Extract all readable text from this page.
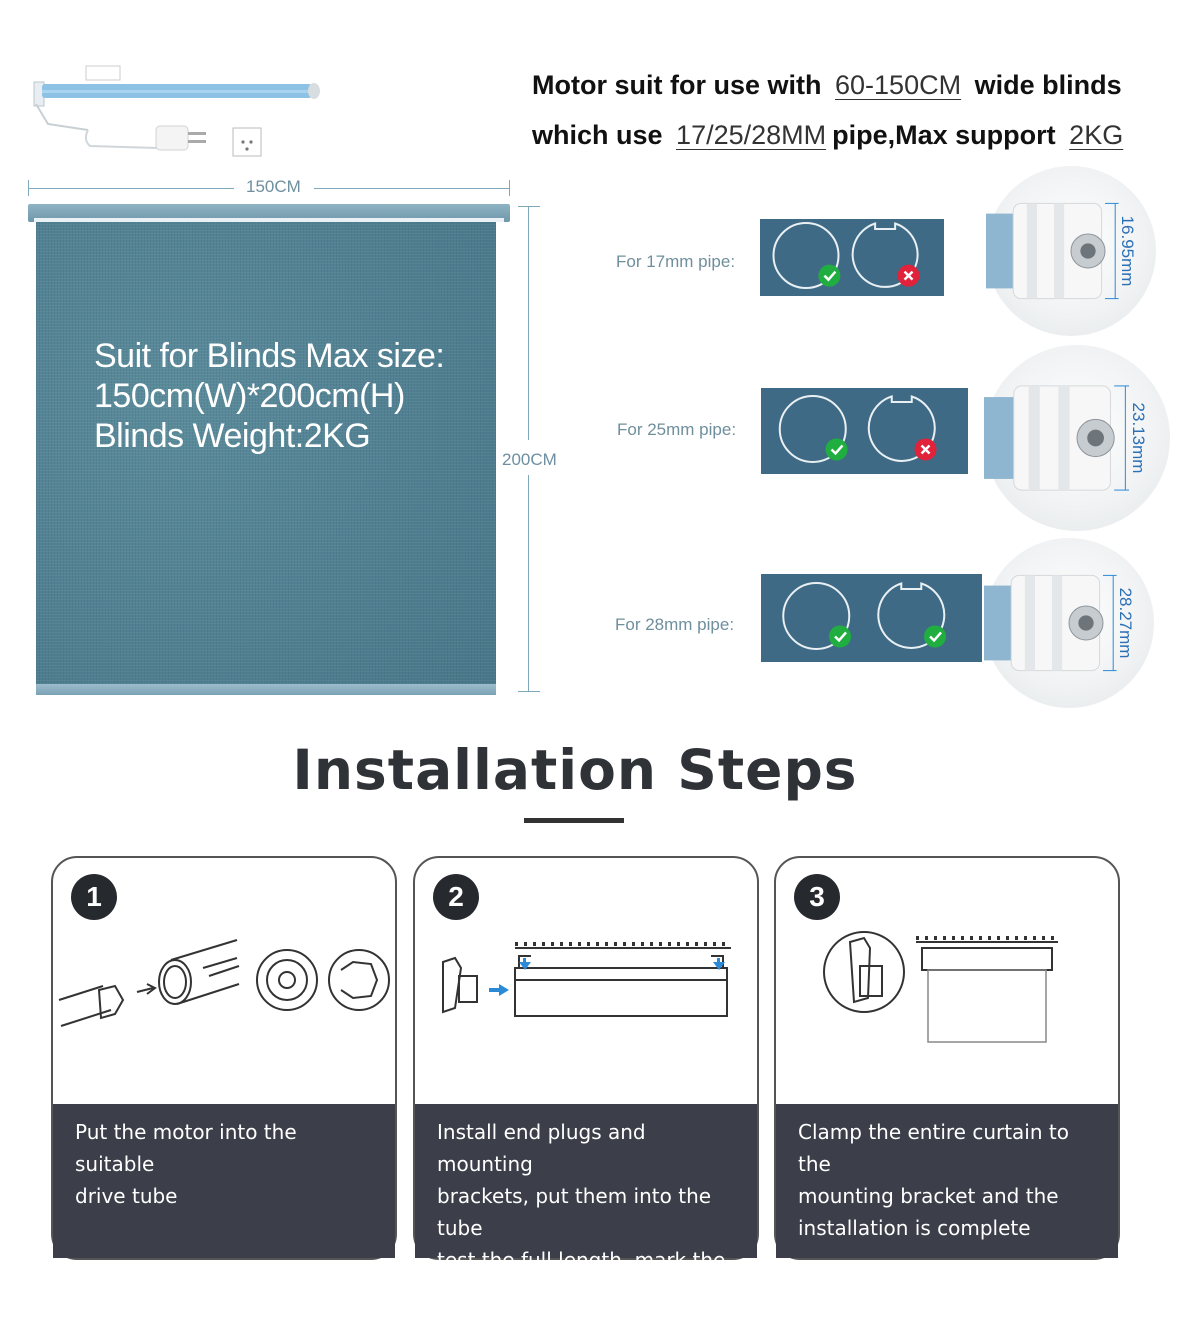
Motor suit for use with 60-150CM wide blinds
which use 17/25/28MM pipe,Max support 2KG
150CM
Suit for Blinds Max size:
150cm(W)*200cm(H)
Blinds Weight:2KG
200CM
For 17mm pipe:	16.95mm
For 25mm pipe:	23.13mm
For 28mm pipe:	28.27mm
Installation Steps
1
Put the motor into the suitable
drive tube
2
Install end plugs and mounting
brackets, put them into the tube
test the full length, mark the
location on the wall, and install
3
Clamp the entire curtain to the
mounting bracket and the
installation is complete
